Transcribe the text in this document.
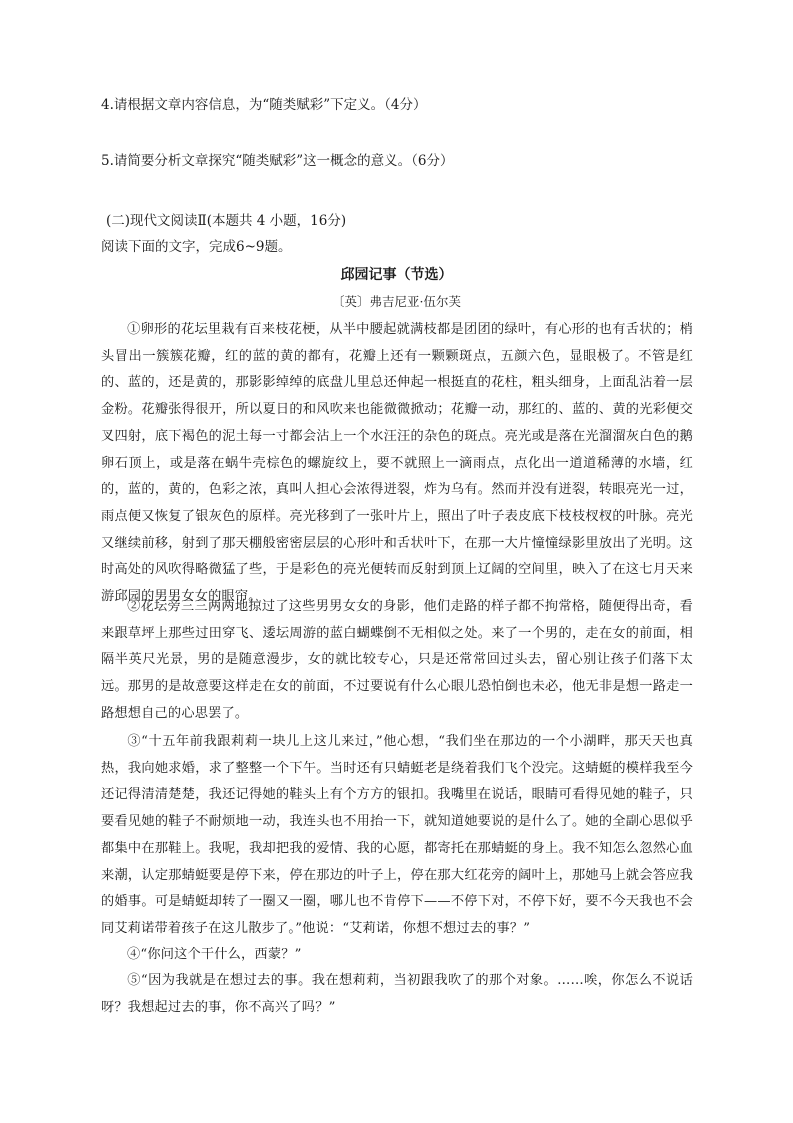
4.请根据文章内容信息，为“随类赋彩”下定义。（4分）
5.请简要分析文章探究“随类赋彩”这一概念的意义。（6分）
(二)现代文阅读Ⅱ(本题共 4 小题，16分)
阅读下面的文字，完成6~9题。
邱园记事（节选）
〔英〕弗吉尼亚·伍尔芙

①卵形的花坛里栽有百来枝花梗，从半中腰起就满枝都是团团的绿叶，有心形的也有舌状的；梢头冒出一簇簇花瓣，红的蓝的黄的都有，花瓣上还有一颗颗斑点，五颜六色，显眼极了。不管是红的、蓝的，还是黄的，那影影绰绰的底盘儿里总还伸起一根挺直的花柱，粗头细身，上面乱沾着一层金粉。花瓣张得很开，所以夏日的和风吹来也能微微掀动；花瓣一动，那红的、蓝的、黄的光彩便交叉四射，底下褐色的泥土每一寸都会沾上一个水汪汪的杂色的斑点。亮光或是落在光溜溜灰白色的鹅卵石顶上，或是落在蜗牛壳棕色的螺旋纹上，要不就照上一滴雨点，点化出一道道稀薄的水墙，红的，蓝的，黄的，色彩之浓，真叫人担心会浓得迸裂，炸为乌有。然而并没有迸裂，转眼亮光一过，雨点便又恢复了银灰色的原样。亮光移到了一张叶片上，照出了叶子表皮底下枝枝杈杈的叶脉。亮光又继续前移，射到了那天棚般密密层层的心形叶和舌状叶下，在那一大片憧憧绿影里放出了光明。这时高处的风吹得略微猛了些，于是彩色的亮光便转而反射到顶上辽阔的空间里，映入了在这七月天来游邱园的男男女女的眼帘。

②花坛旁三三两两地掠过了这些男男女女的身影，他们走路的样子都不拘常格，随便得出奇，看来跟草坪上那些过田穿飞、逶坛周游的蓝白蝴蝶倒不无相似之处。来了一个男的，走在女的前面，相隔半英尺光景，男的是随意漫步，女的就比较专心，只是还常常回过头去，留心别让孩子们落下太远。那男的是故意要这样走在女的前面，不过要说有什么心眼儿恐怕倒也未必，他无非是想一路走一路想想自己的心思罢了。

③“十五年前我跟莉莉一块儿上这儿来过，”他心想，“我们坐在那边的一个小湖畔，那天天也真热，我向她求婚，求了整整一个下午。当时还有只蜻蜓老是绕着我们飞个没完。这蜻蜓的模样我至今还记得清清楚楚，我还记得她的鞋头上有个方方的银扣。我嘴里在说话，眼睛可看得见她的鞋子，只要看见她的鞋子不耐烦地一动，我连头也不用抬一下，就知道她要说的是什么了。她的全副心思似乎都集中在那鞋上。我呢，我却把我的爱情、我的心愿，都寄托在那蜻蜓的身上。我不知怎么忽然心血来潮，认定那蜻蜓要是停下来，停在那边的叶子上，停在那大红花旁的阔叶上，那她马上就会答应我的婚事。可是蜻蜓却转了一圈又一圈，哪儿也不肯停下——不停下对，不停下好，要不今天我也不会同艾莉诺带着孩子在这儿散步了。”他说：“艾莉诺，你想不想过去的事？”

④“你问这个干什么，西蒙？”

⑤“因为我就是在想过去的事。我在想莉莉，当初跟我吹了的那个对象。……唉，你怎么不说话呀？我想起过去的事，你不高兴了吗？”
